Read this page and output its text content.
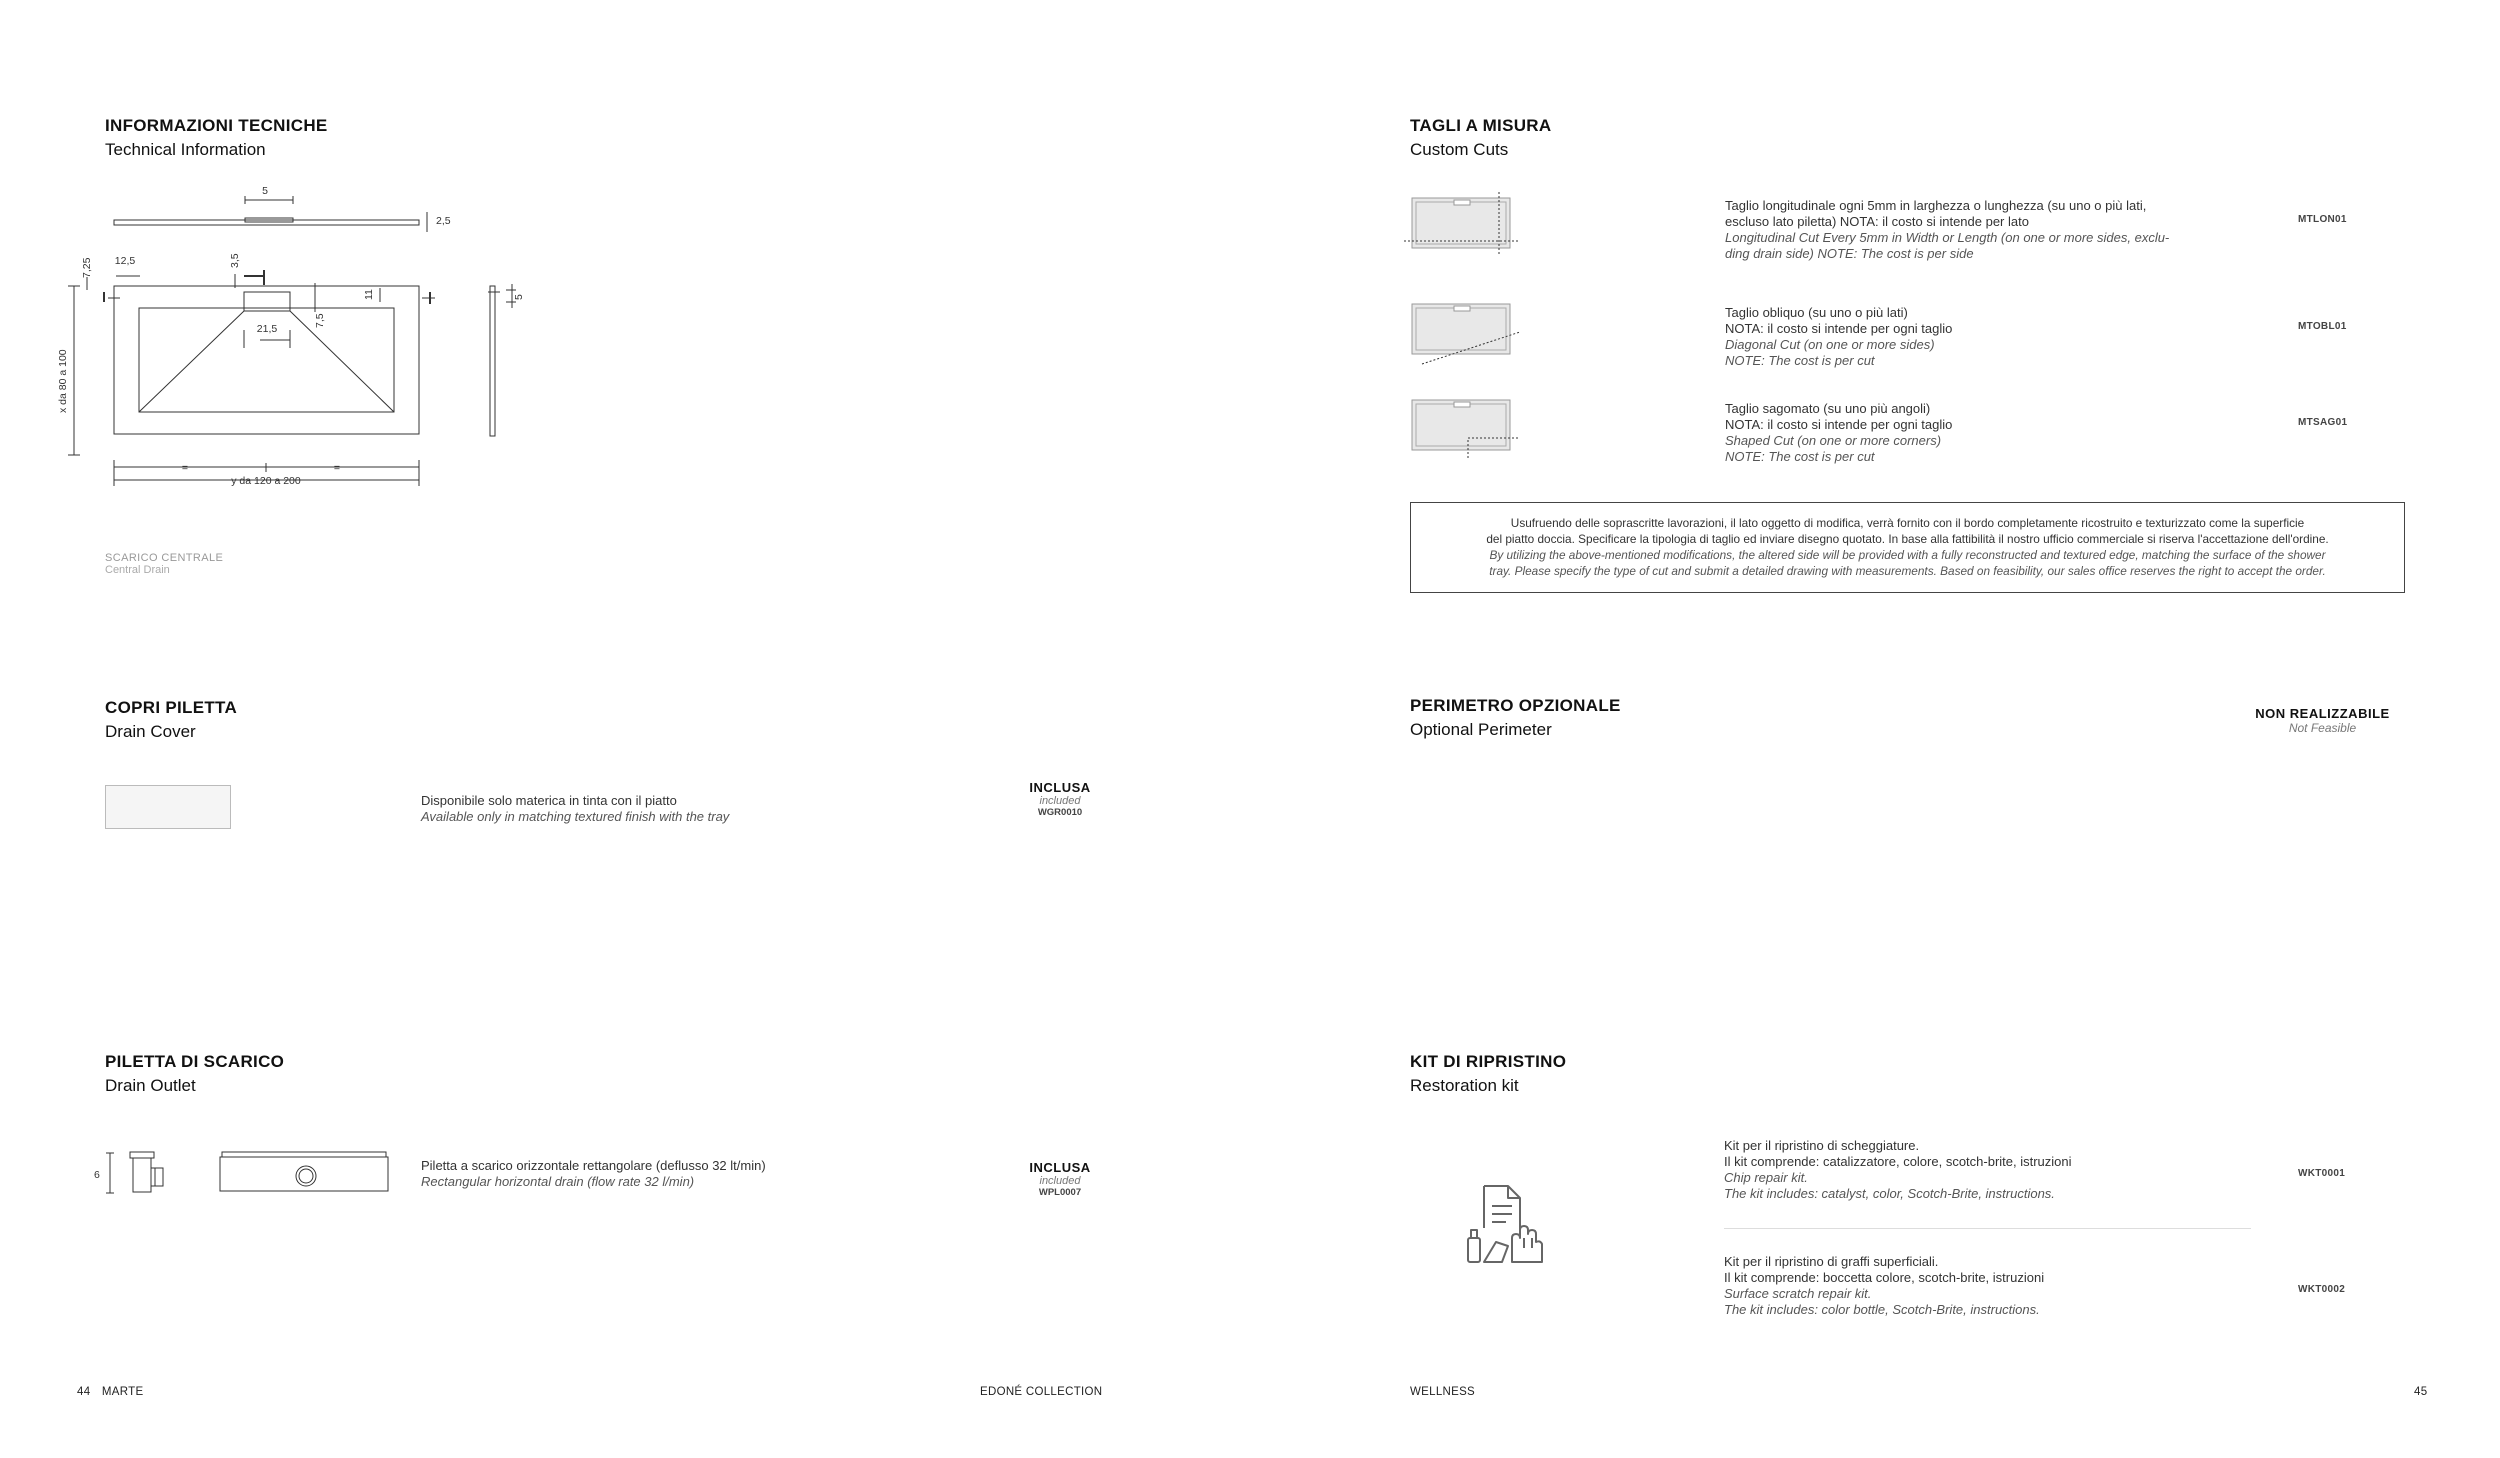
INFORMAZIONI TECNICHE
Technical Information
5
2,5
12,5	3,5
7,25
21,5
7,5
11	5
=	=
x da 80 a 100
y da 120 a 200
SCARICO CENTRALE
Central Drain
COPRI PILETTA
Drain Cover
Disponibile solo materica in tinta con il piatto
Available only in matching textured finish with the tray
INCLUSA
included
WGR0010
PILETTA DI SCARICO
Drain Outlet
6
Piletta a scarico orizzontale rettangolare (deflusso 32 lt/min)
Rectangular horizontal drain (flow rate 32 l/min)
INCLUSA
included
WPL0007
44 MARTE	EDONÉ COLLECTION
TAGLI A MISURA
Custom Cuts
Taglio longitudinale ogni 5mm in larghezza o lunghezza (su uno o più lati,
escluso lato piletta) NOTA: il costo si intende per lato
Longitudinal Cut Every 5mm in Width or Length (on one or more sides, exclu-
ding drain side) NOTE: The cost is per side
MTLON01
Taglio obliquo (su uno o più lati)
NOTA: il costo si intende per ogni taglio
Diagonal Cut (on one or more sides)
NOTE: The cost is per cut
MTOBL01
Taglio sagomato (su uno più angoli)
NOTA: il costo si intende per ogni taglio
Shaped Cut (on one or more corners)
NOTE: The cost is per cut
MTSAG01
Usufruendo delle soprascritte lavorazioni, il lato oggetto di modifica, verrà fornito con il bordo completamente ricostruito e texturizzato come la superficie
del piatto doccia. Specificare la tipologia di taglio ed inviare disegno quotato. In base alla fattibilità il nostro ufficio commerciale si riserva l'accettazione dell'ordine.
By utilizing the above-mentioned modifications, the altered side will be provided with a fully reconstructed and textured edge, matching the surface of the shower
tray. Please specify the type of cut and submit a detailed drawing with measurements. Based on feasibility, our sales office reserves the right to accept the order.
PERIMETRO OPZIONALE
Optional Perimeter
NON REALIZZABILE
Not Feasible
KIT DI RIPRISTINO
Restoration kit
Kit per il ripristino di scheggiature.
Il kit comprende: catalizzatore, colore, scotch-brite, istruzioni
Chip repair kit.
The kit includes: catalyst, color, Scotch-Brite, instructions.
WKT0001
Kit per il ripristino di graffi superficiali.
Il kit comprende: boccetta colore, scotch-brite, istruzioni
Surface scratch repair kit.
The kit includes: color bottle, Scotch-Brite, instructions.
WKT0002
WELLNESS	45
